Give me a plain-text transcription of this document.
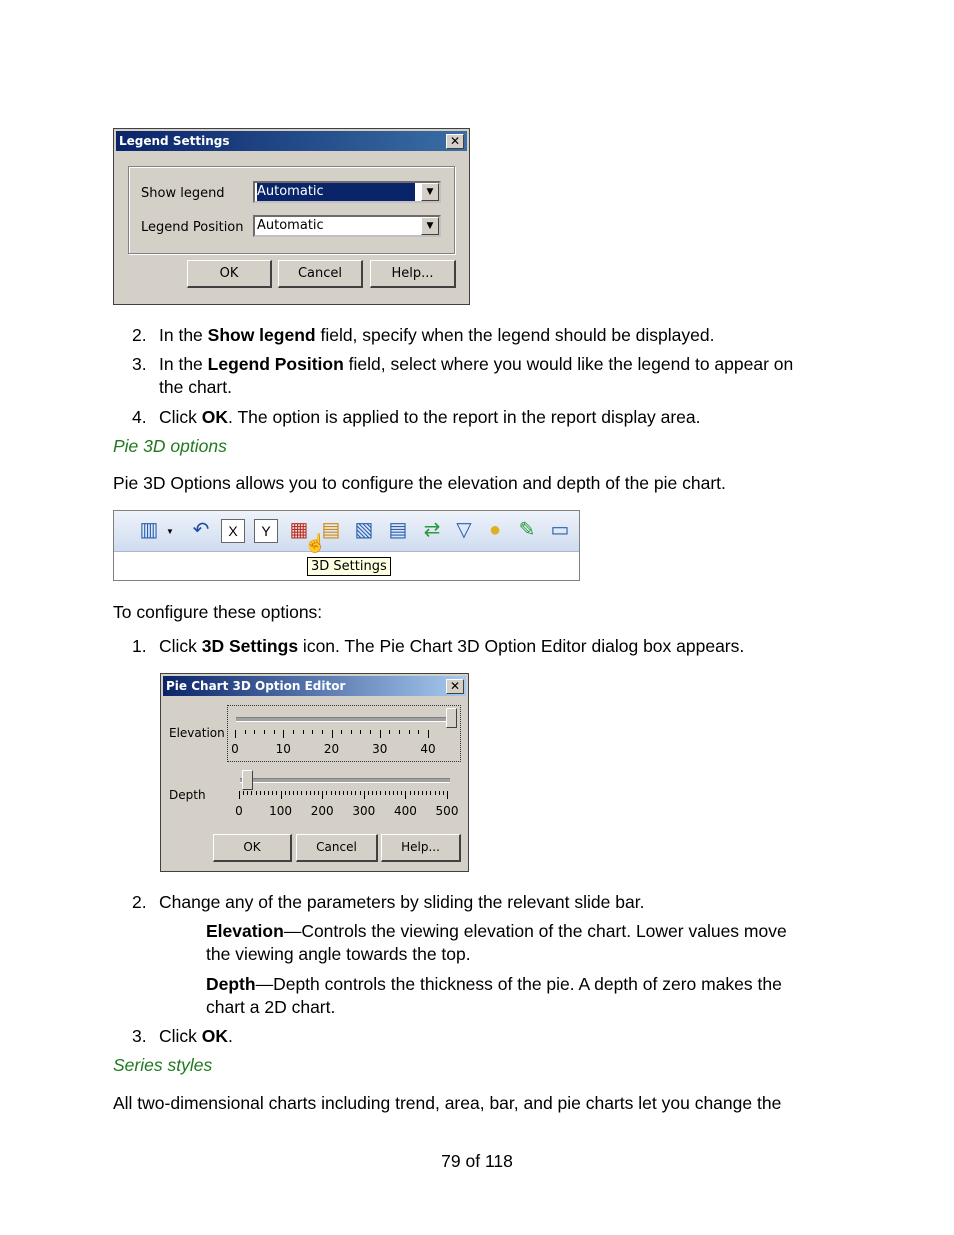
Legend Settings	✕
Show legend	Automatic	▼
Legend Position	Automatic	▼
OK	Cancel	Help...
2. In the Show legend field, specify when the legend should be displayed.
3. In the Legend Position field, select where you would like the legend to appear on
the chart.
4. Click OK. The option is applied to the report in the report display area.
Pie 3D options
Pie 3D Options allows you to configure the elevation and depth of the pie chart.
▥ ▼ ↶	X	Y ▦ ▤ ▧ ▤ ⇄ ▽ ● ✎ ▭
☝
3D Settings
To configure these options:
1. Click 3D Settings icon. The Pie Chart 3D Option Editor dialog box appears.
Pie Chart 3D Option Editor	✕
Elevation
Depth
OK	Cancel	Help...
0	10	20	30	40
0	100 200 300 400 500
2. Change any of the parameters by sliding the relevant slide bar.
Elevation—Controls the viewing elevation of the chart. Lower values move
the viewing angle towards the top.
Depth—Depth controls the thickness of the pie. A depth of zero makes the
chart a 2D chart.
3. Click OK.
Series styles
All two-dimensional charts including trend, area, bar, and pie charts let you change the
79 of 118
